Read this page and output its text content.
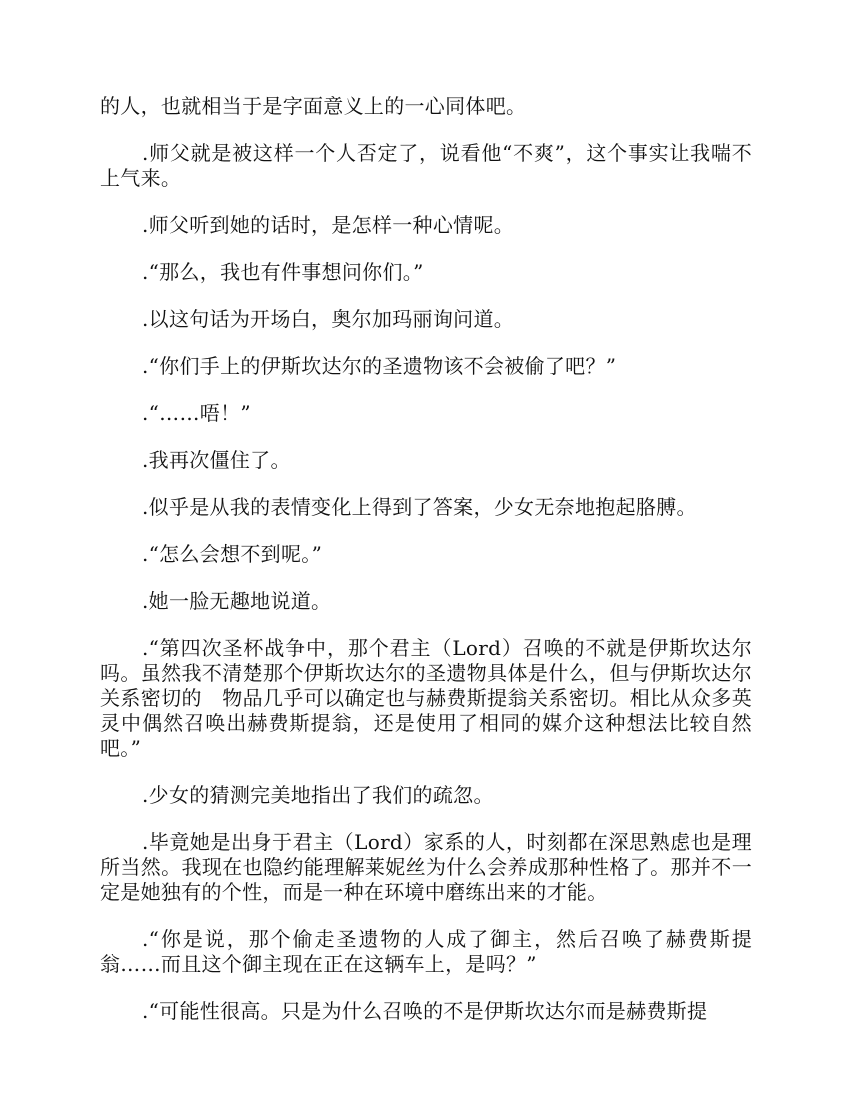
的人，也就相当于是字面意义上的一心同体吧。

.师父就是被这样一个人否定了，说看他“不爽”，这个事实让我喘不上气来。

.师父听到她的话时，是怎样一种心情呢。

.“那么，我也有件事想问你们。”

.以这句话为开场白，奥尔加玛丽询问道。

.“你们手上的伊斯坎达尔的圣遗物该不会被偷了吧？”

.“……唔！”

.我再次僵住了。

.似乎是从我的表情变化上得到了答案，少女无奈地抱起胳膊。

.“怎么会想不到呢。”

.她一脸无趣地说道。

.“第四次圣杯战争中，那个君主（Lord）召唤的不就是伊斯坎达尔吗。虽然我不清楚那个伊斯坎达尔的圣遗物具体是什么，但与伊斯坎达尔关系密切的　物品几乎可以确定也与赫费斯提翁关系密切。相比从众多英灵中偶然召唤出赫费斯提翁，还是使用了相同的媒介这种想法比较自然吧。”

.少女的猜测完美地指出了我们的疏忽。

.毕竟她是出身于君主（Lord）家系的人，时刻都在深思熟虑也是理所当然。我现在也隐约能理解莱妮丝为什么会养成那种性格了。那并不一定是她独有的个性，而是一种在环境中磨练出来的才能。

.“你是说，那个偷走圣遗物的人成了御主，然后召唤了赫费斯提翁……而且这个御主现在正在这辆车上，是吗？”

.“可能性很高。只是为什么召唤的不是伊斯坎达尔而是赫费斯提
